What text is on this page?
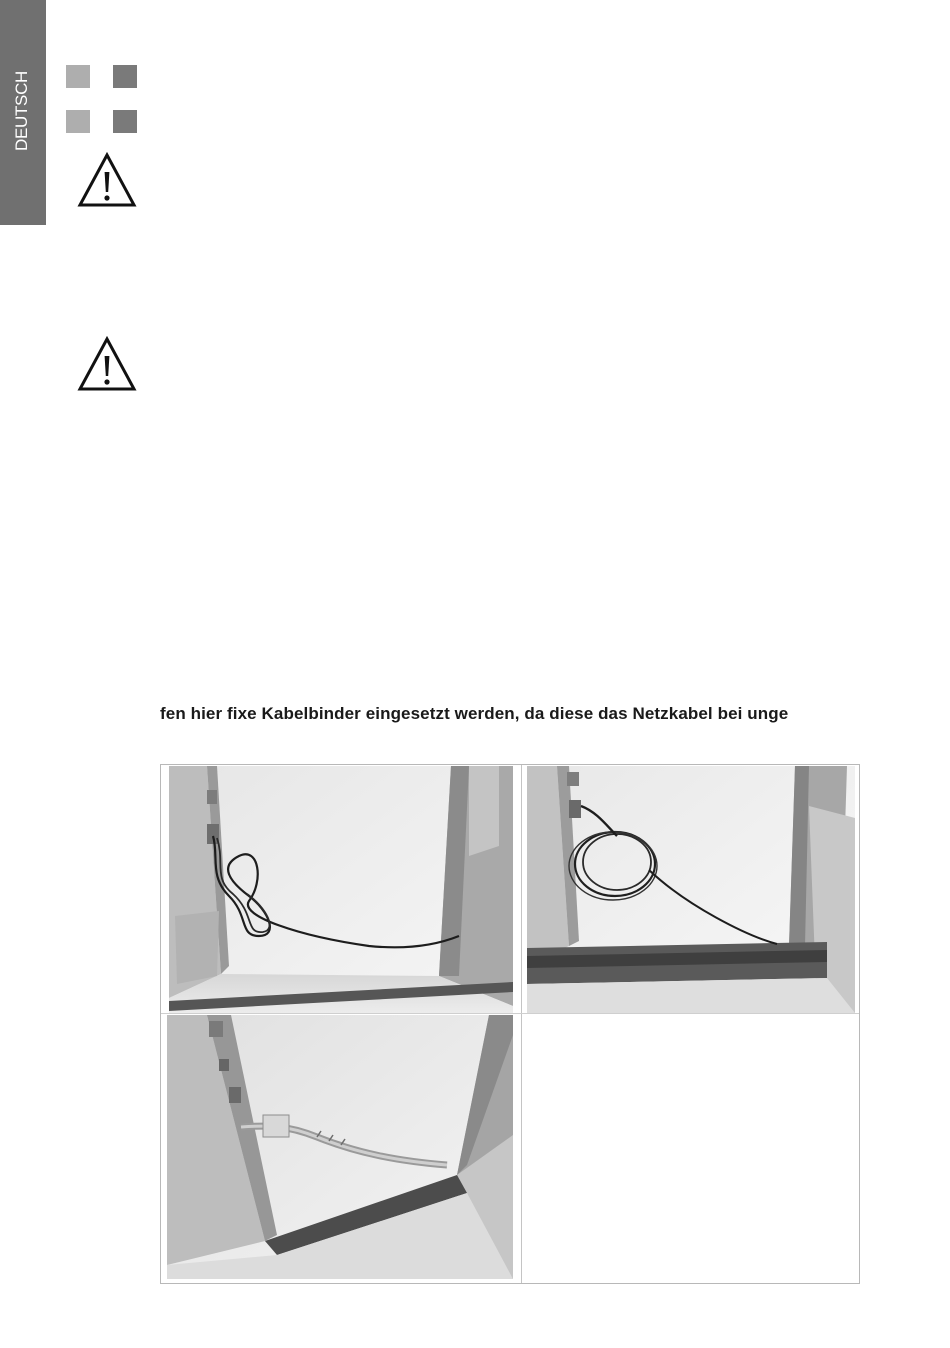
DEUTSCH
fen hier fixe Kabelbinder eingesetzt werden, da diese das Netzkabel bei unge
